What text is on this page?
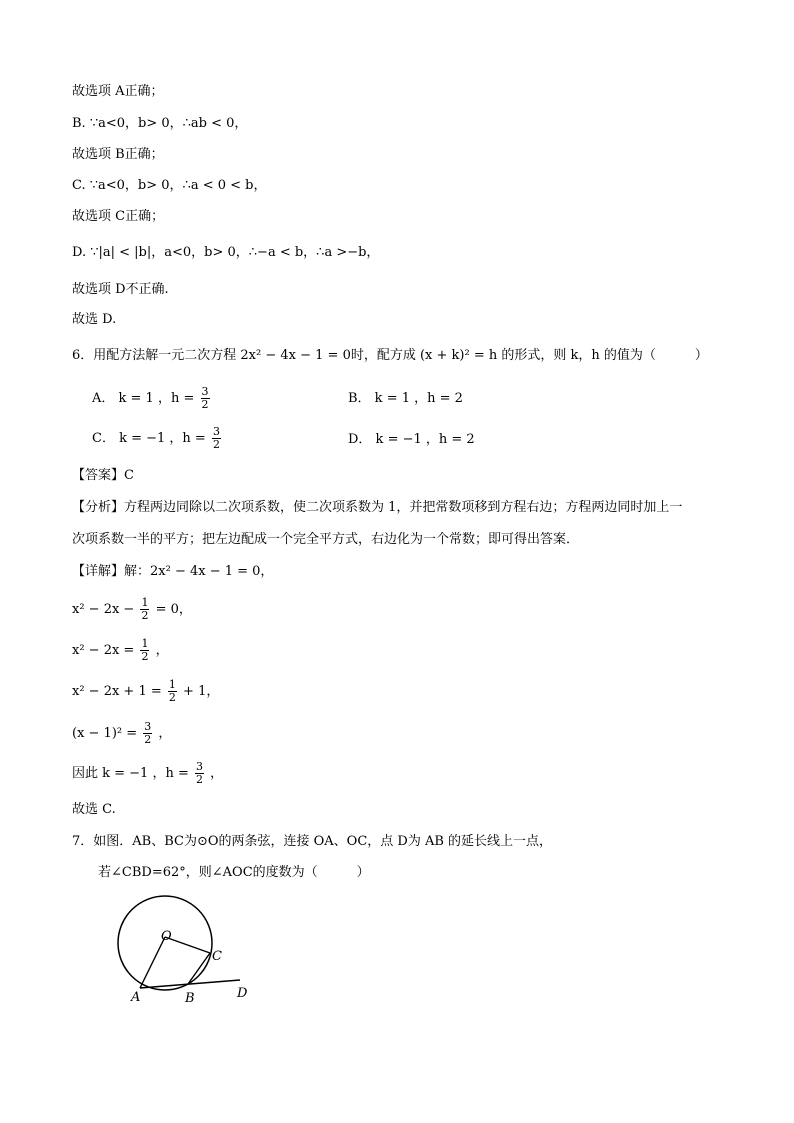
故选项 A正确；
B. ∵a<0，b> 0，∴ab < 0，
故选项 B正确；
C. ∵a<0，b> 0，∴a < 0 < b，
故选项 C正确；
D. ∵|a| < |b|，a<0，b> 0，∴−a < b，∴a >−b，
故选项 D不正确.
故选 D.
6．用配方法解一元二次方程 2x² − 4x − 1 = 0时，配方成 (x + k)² = h 的形式，则 k，h 的值为（　　　）
A． k = 1 ，$h = \frac{3}{2}$	B． k = 1 ，h = 2
C． k = −1 ，$h = \frac{3}{2}$	D． k = −1 ，h = 2
【答案】C
【分析】方程两边同除以二次项系数，使二次项系数为 1，并把常数项移到方程右边；方程两边同时加上一
次项系数一半的平方；把左边配成一个完全平方式，右边化为一个常数；即可得出答案．
【详解】解：2x² − 4x − 1 = 0，
$x^2 - 2x - \frac{1}{2} = 0$，
$x^2 - 2x = \frac{1}{2}$ ，
$x^2 - 2x + 1 = \frac{1}{2} + 1$，
$(x - 1)^2 = \frac{3}{2}$ ，
因此 k = −1 ，$h = \frac{3}{2}$ ，
故选 C.
7．如图．AB、BC为⊙O的两条弦，连接 OA、OC，点 D为 AB 的延长线上一点，
若∠CBD=62°，则∠AOC的度数为（　　　）
O
C
A	B	D
